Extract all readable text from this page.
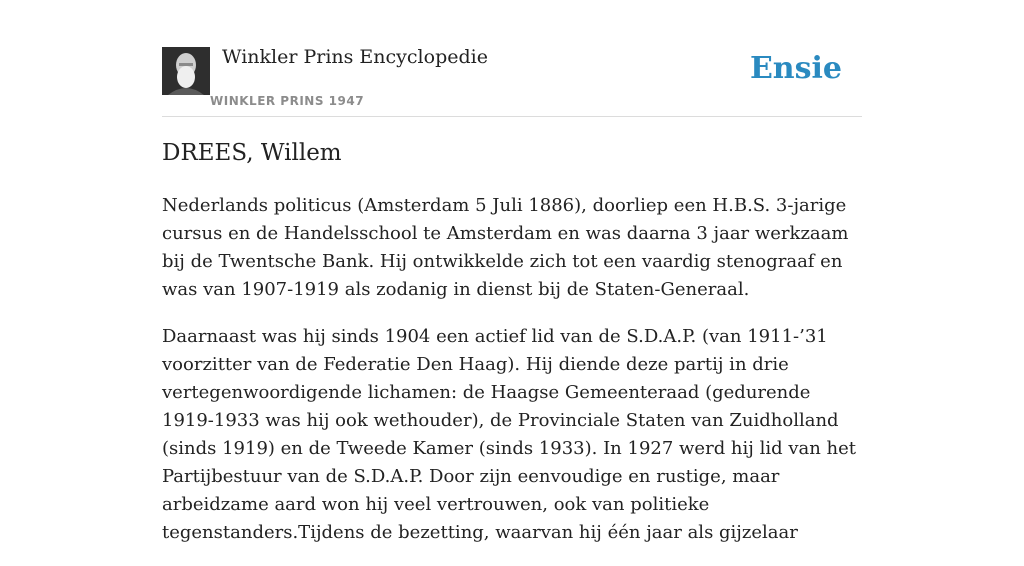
Winkler Prins Encyclopedie
WINKLER PRINS 1947
Ensie
DREES, Willem

Nederlands politicus (Amsterdam 5 Juli 1886), doorliep een H.B.S. 3-jarige cursus en de Handelsschool te Amsterdam en was daarna 3 jaar werkzaam bij de Twentsche Bank. Hij ontwikkelde zich tot een vaardig stenograaf en was van 1907-1919 als zodanig in dienst bij de Staten-Generaal.

Daarnaast was hij sinds 1904 een actief lid van de S.D.A.P. (van 1911-’31 voorzitter van de Federatie Den Haag). Hij diende deze partij in drie vertegenwoordigende lichamen: de Haagse Gemeenteraad (gedurende 1919-1933 was hij ook wethouder), de Provinciale Staten van Zuidholland (sinds 1919) en de Tweede Kamer (sinds 1933). In 1927 werd hij lid van het Partijbestuur van de S.D.A.P. Door zijn eenvoudige en rustige, maar arbeidzame aard won hij veel vertrouwen, ook van politieke tegenstanders.Tijdens de bezetting, waarvan hij één jaar als gijzelaar
